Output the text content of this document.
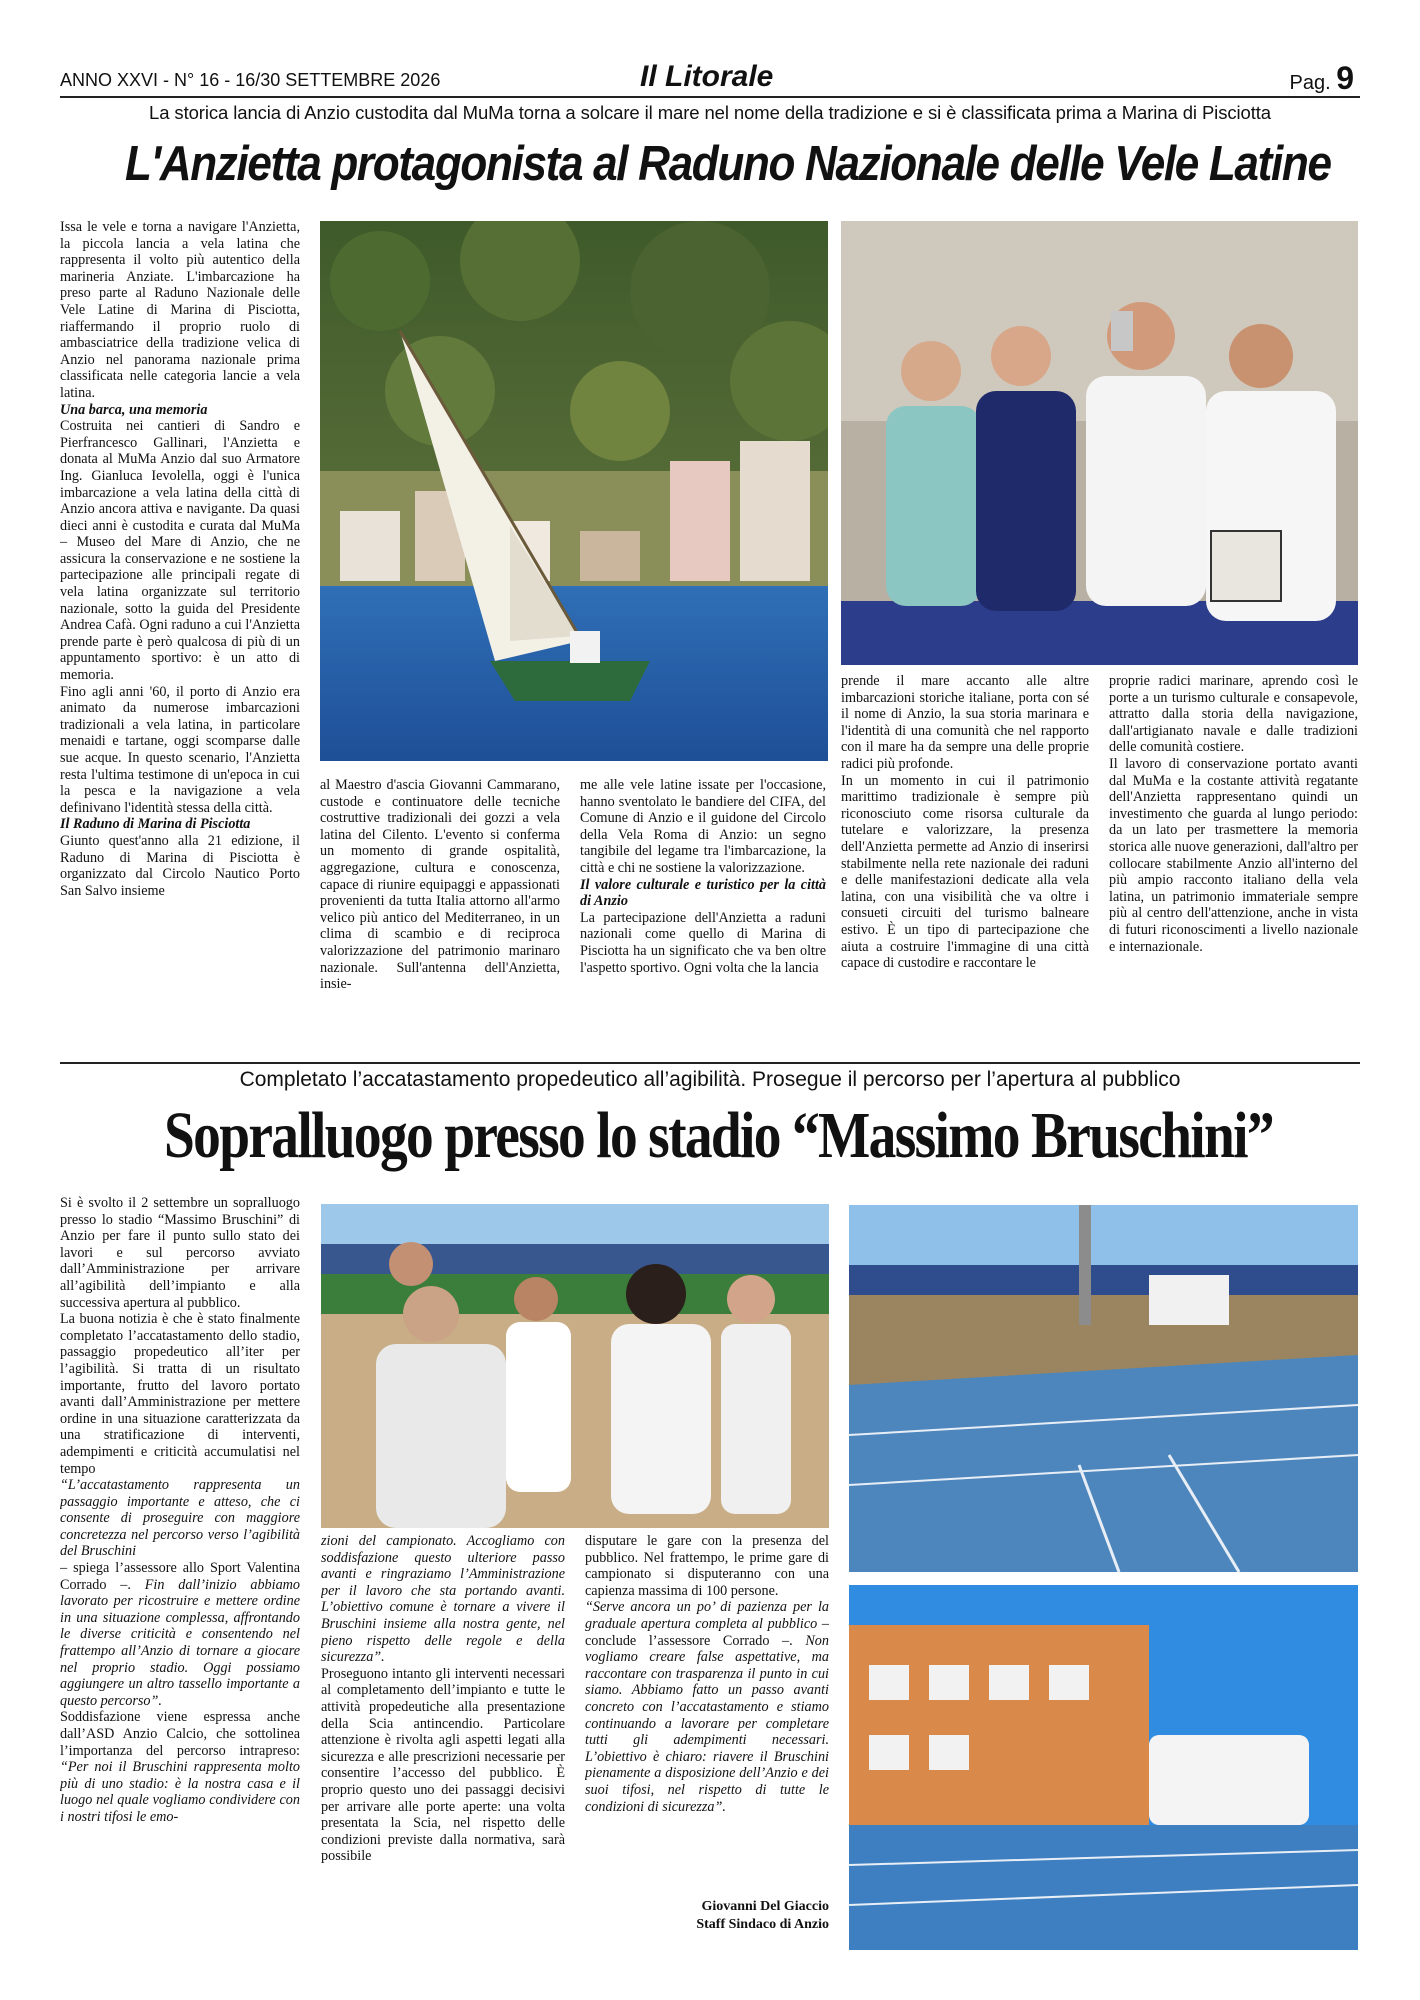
ANNO XXVI - N° 16 - 16/30 SETTEMBRE 2026	Il Litorale	Pag. 9
La storica lancia di Anzio custodita dal MuMa torna a solcare il mare nel nome della tradizione e si è classificata prima a Marina di Pisciotta
L'Anzietta protagonista al Raduno Nazionale delle Vele Latine

Issa le vele e torna a navigare l'Anzietta, la piccola lancia a vela latina che rappresenta il volto più autentico della marineria Anziate. L'imbarcazione ha preso parte al Raduno Nazionale delle Vele Latine di Marina di Pisciotta, riaffermando il proprio ruolo di ambasciatrice della tradizione velica di Anzio nel panorama nazionale prima classificata nelle categoria lancie a vela latina.

Una barca, una memoria

Costruita nei cantieri di Sandro e Pierfrancesco Gallinari, l'Anzietta e donata al MuMa Anzio dal suo Armatore Ing. Gianluca Ievolella, oggi è l'unica imbarcazione a vela latina della città di Anzio ancora attiva e navigante. Da quasi dieci anni è custodita e curata dal MuMa – Museo del Mare di Anzio, che ne assicura la conservazione e ne sostiene la partecipazione alle principali regate di vela latina organizzate sul territorio nazionale, sotto la guida del Presidente Andrea Cafà. Ogni raduno a cui l'Anzietta prende parte è però qualcosa di più di un appuntamento sportivo: è un atto di memoria.

Fino agli anni '60, il porto di Anzio era animato da numerose imbarcazioni tradizionali a vela latina, in particolare menaidi e tartane, oggi scomparse dalle sue acque. In questo scenario, l'Anzietta resta l'ultima testimone di un'epoca in cui la pesca e la navigazione a vela definivano l'identità stessa della città.

Il Raduno di Marina di Pisciotta

Giunto quest'anno alla 21 edizione, il Raduno di Marina di Pisciotta è organizzato dal Circolo Nautico Porto San Salvo insieme

al Maestro d'ascia Giovanni Cammarano, custode e continuatore delle tecniche costruttive tradizionali dei gozzi a vela latina del Cilento. L'evento si conferma un momento di grande ospitalità, aggregazione, cultura e conoscenza, capace di riunire equipaggi e appassionati provenienti da tutta Italia attorno all'armo velico più antico del Mediterraneo, in un clima di scambio e di reciproca valorizzazione del patrimonio marinaro nazionale. Sull'antenna dell'Anzietta, insie-

me alle vele latine issate per l'occasione, hanno sventolato le bandiere del CIFA, del Comune di Anzio e il guidone del Circolo della Vela Roma di Anzio: un segno tangibile del legame tra l'imbarcazione, la città e chi ne sostiene la valorizzazione.

Il valore culturale e turistico per la città di Anzio

La partecipazione dell'Anzietta a raduni nazionali come quello di Marina di Pisciotta ha un significato che va ben oltre l'aspetto sportivo. Ogni volta che la lancia

prende il mare accanto alle altre imbarcazioni storiche italiane, porta con sé il nome di Anzio, la sua storia marinara e l'identità di una comunità che nel rapporto con il mare ha da sempre una delle proprie radici più profonde.

In un momento in cui il patrimonio marittimo tradizionale è sempre più riconosciuto come risorsa culturale da tutelare e valorizzare, la presenza dell'Anzietta permette ad Anzio di inserirsi stabilmente nella rete nazionale dei raduni e delle manifestazioni dedicate alla vela latina, con una visibilità che va oltre i consueti circuiti del turismo balneare estivo. È un tipo di partecipazione che aiuta a costruire l'immagine di una città capace di custodire e raccontare le

proprie radici marinare, aprendo così le porte a un turismo culturale e consapevole, attratto dalla storia della navigazione, dall'artigianato navale e dalle tradizioni delle comunità costiere.

Il lavoro di conservazione portato avanti dal MuMa e la costante attività regatante dell'Anzietta rappresentano quindi un investimento che guarda al lungo periodo: da un lato per trasmettere la memoria storica alle nuove generazioni, dall'altro per collocare stabilmente Anzio all'interno del più ampio racconto italiano della vela latina, un patrimonio immateriale sempre più al centro dell'attenzione, anche in vista di futuri riconoscimenti a livello nazionale e internazionale.

Completato l’accatastamento propedeutico all’agibilità. Prosegue il percorso per l’apertura al pubblico
Sopralluogo presso lo stadio “Massimo Bruschini”

Si è svolto il 2 settembre un sopralluogo presso lo stadio “Massimo Bruschini” di Anzio per fare il punto sullo stato dei lavori e sul percorso avviato dall’Amministrazione per arrivare all’agibilità dell’impianto e alla successiva apertura al pubblico.

La buona notizia è che è stato finalmente completato l’accatastamento dello stadio, passaggio propedeutico all’iter per l’agibilità. Si tratta di un risultato importante, frutto del lavoro portato avanti dall’Amministrazione per mettere ordine in una situazione caratterizzata da una stratificazione di interventi, adempimenti e criticità accumulatisi nel tempo

“L’accatastamento rappresenta un passaggio importante e atteso, che ci consente di proseguire con maggiore concretezza nel percorso verso l’agibilità del Bruschini

– spiega l’assessore allo Sport Valentina Corrado –. Fin dall’inizio abbiamo lavorato per ricostruire e mettere ordine in una situazione complessa, affrontando le diverse criticità e consentendo nel frattempo all’Anzio di tornare a giocare nel proprio stadio. Oggi possiamo aggiungere un altro tassello importante a questo percorso”.

Soddisfazione viene espressa anche dall’ASD Anzio Calcio, che sottolinea l’importanza del percorso intrapreso: “Per noi il Bruschini rappresenta molto più di uno stadio: è la nostra casa e il luogo nel quale vogliamo condividere con i nostri tifosi le emo-

zioni del campionato. Accogliamo con soddisfazione questo ulteriore passo avanti e ringraziamo l’Amministrazione per il lavoro che sta portando avanti. L’obiettivo comune è tornare a vivere il Bruschini insieme alla nostra gente, nel pieno rispetto delle regole e della sicurezza”.

Proseguono intanto gli interventi necessari al completamento dell’impianto e tutte le attività propedeutiche alla presentazione della Scia antincendio. Particolare attenzione è rivolta agli aspetti legati alla sicurezza e alle prescrizioni necessarie per consentire l’accesso del pubblico. È proprio questo uno dei passaggi decisivi per arrivare alle porte aperte: una volta presentata la Scia, nel rispetto delle condizioni previste dalla normativa, sarà possibile

disputare le gare con la presenza del pubblico. Nel frattempo, le prime gare di campionato si disputeranno con una capienza massima di 100 persone.

“Serve ancora un po’ di pazienza per la graduale apertura completa al pubblico – conclude l’assessore Corrado –. Non vogliamo creare false aspettative, ma raccontare con trasparenza il punto in cui siamo. Abbiamo fatto un passo avanti concreto con l’accatastamento e stiamo continuando a lavorare per completare tutti gli adempimenti necessari. L’obiettivo è chiaro: riavere il Bruschini pienamente a disposizione dell’Anzio e dei suoi tifosi, nel rispetto di tutte le condizioni di sicurezza”.

Giovanni Del Giaccio
Staff Sindaco di Anzio
